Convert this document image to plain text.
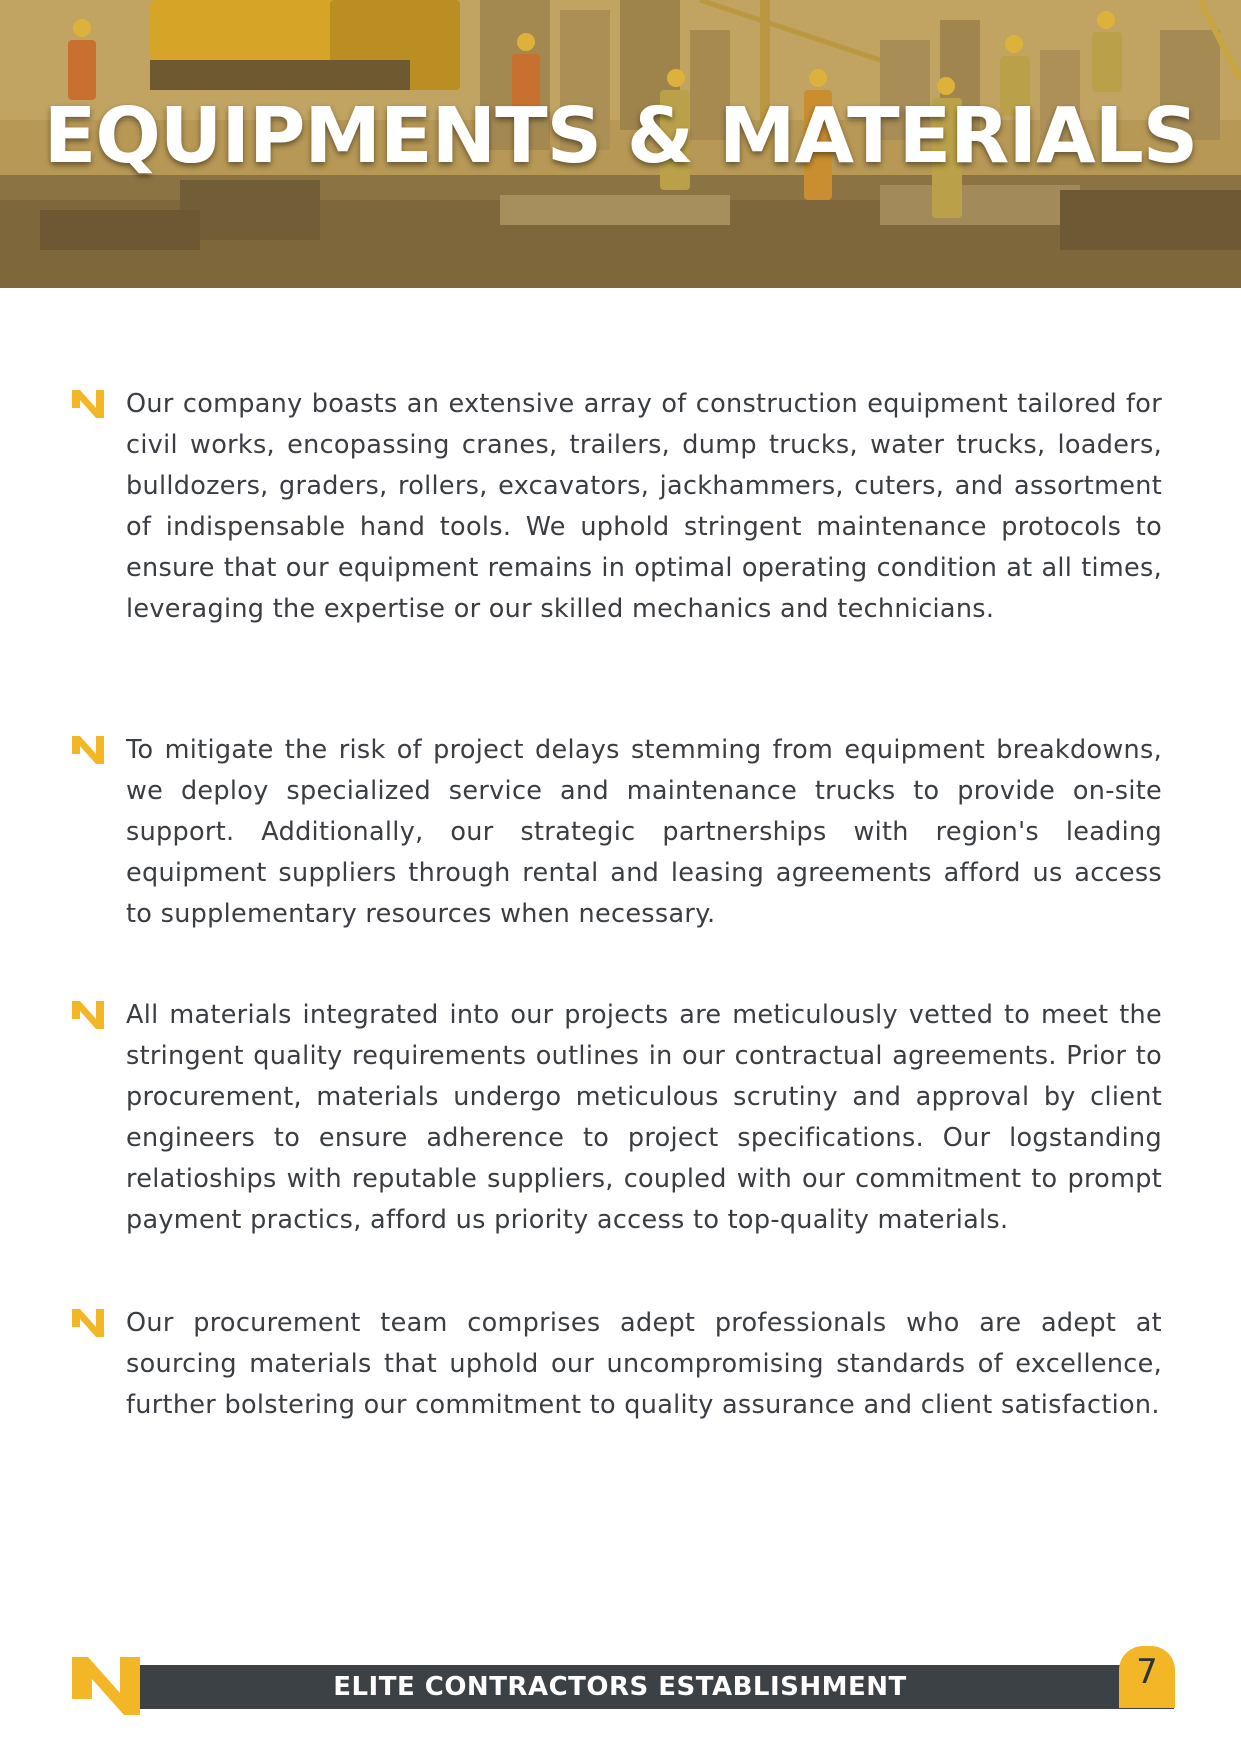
EQUIPMENTS & MATERIALS

Our company boasts an extensive array of construction equipment tailored for civil works, encopassing cranes, trailers, dump trucks, water trucks, loaders, bulldozers, graders, rollers, excavators, jackhammers, cuters, and assortment of indispensable hand tools. We uphold stringent maintenance protocols to ensure that our equipment remains in optimal operating condition at all times, leveraging the expertise or our skilled mechanics and technicians.

To mitigate the risk of project delays stemming from equipment breakdowns, we deploy specialized service and maintenance trucks to provide on-site support. Additionally, our strategic partnerships with region's leading equipment suppliers through rental and leasing agreements afford us access to supplementary resources when necessary.

All materials integrated into our projects are meticulously vetted to meet the stringent quality requirements outlines in our contractual agreements. Prior to procurement, materials undergo meticulous scrutiny and approval by client engineers to ensure adherence to project specifications. Our logstanding relatioships with reputable suppliers, coupled with our commitment to prompt payment practics, afford us priority access to top-quality materials.

Our procurement team comprises adept professionals who are adept at sourcing materials that uphold our uncompromising standards of excellence, further bolstering our commitment to quality assurance and client satisfaction.

ELITE CONTRACTORS ESTABLISHMENT	7
